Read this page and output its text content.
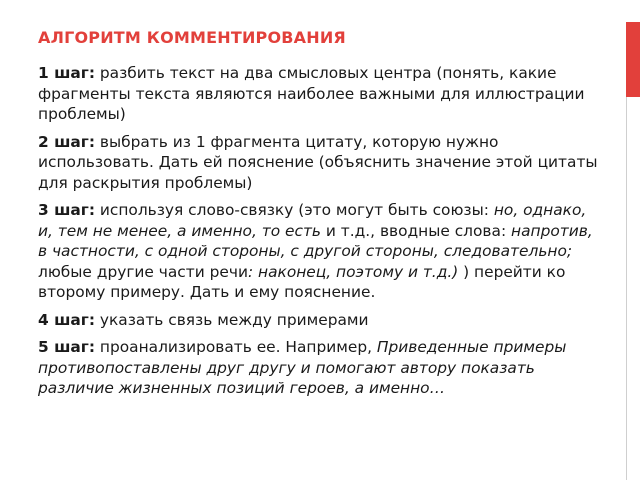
АЛГОРИТМ КОММЕНТИРОВАНИЯ

1 шаг: разбить текст на два смысловых центра (понять, какие фрагменты текста являются наиболее важными для иллюстрации проблемы)

2 шаг: выбрать из 1 фрагмента цитату, которую нужно использовать. Дать ей пояснение (объяснить значение этой цитаты для раскрытия проблемы)

3 шаг: используя слово-связку (это могут быть союзы: но, однако, и, тем не менее, а именно, то есть и т.д., вводные слова: напротив, в частности, с одной стороны, с другой стороны, следовательно; любые другие части речи: наконец, поэтому и т.д.) ) перейти ко второму примеру. Дать и ему пояснение.

4 шаг: указать связь между примерами

5 шаг: проанализировать ее. Например, Приведенные примеры противопоставлены друг другу и помогают автору показать различие жизненных позиций героев, а именно…
